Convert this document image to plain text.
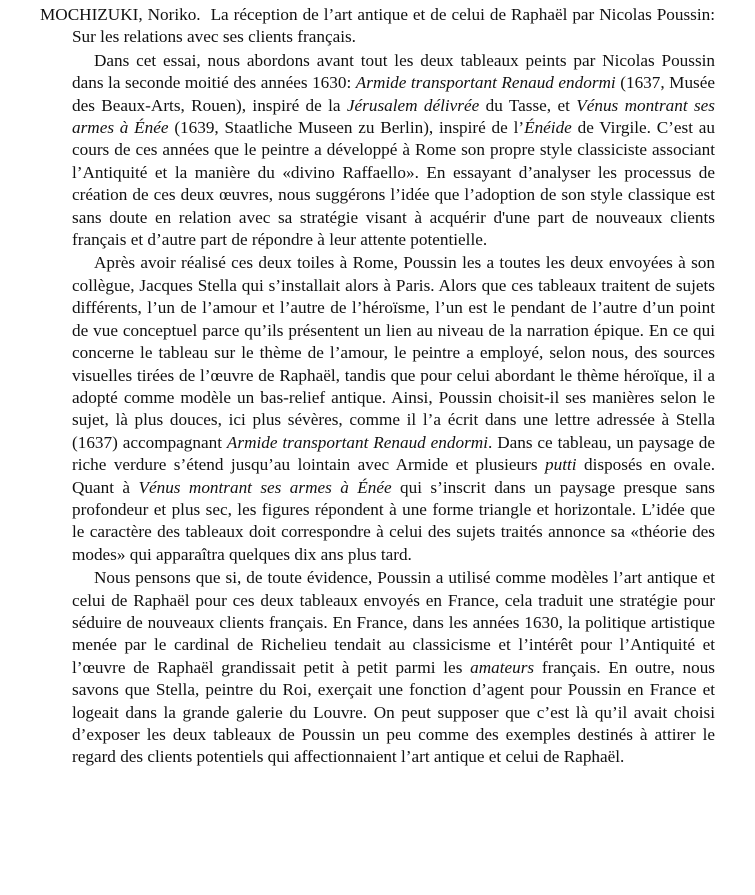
MOCHIZUKI, Noriko. La réception de l’art antique et de celui de Raphaël par Nicolas Poussin: Sur les relations avec ses clients français.

Dans cet essai, nous abordons avant tout les deux tableaux peints par Nicolas Poussin dans la seconde moitié des années 1630: Armide transportant Renaud endormi (1637, Musée des Beaux-Arts, Rouen), inspiré de la Jérusalem délivrée du Tasse, et Vénus montrant ses armes à Énée (1639, Staatliche Museen zu Berlin), inspiré de l’Énéide de Virgile. C’est au cours de ces années que le peintre a développé à Rome son propre style classiciste associant l’Antiquité et la manière du «divino Raffaello». En essayant d’analyser les processus de création de ces deux œuvres, nous suggérons l’idée que l’adoption de son style classique est sans doute en relation avec sa stratégie visant à acquérir d'une part de nouveaux clients français et d’autre part de répondre à leur attente potentielle.

Après avoir réalisé ces deux toiles à Rome, Poussin les a toutes les deux envoyées à son collègue, Jacques Stella qui s’installait alors à Paris. Alors que ces tableaux traitent de sujets différents, l’un de l’amour et l’autre de l’héroïsme, l’un est le pendant de l’autre d’un point de vue conceptuel parce qu’ils présentent un lien au niveau de la narration épique. En ce qui concerne le tableau sur le thème de l’amour, le peintre a employé, selon nous, des sources visuelles tirées de l’œuvre de Raphaël, tandis que pour celui abordant le thème héroïque, il a adopté comme modèle un bas-relief antique. Ainsi, Poussin choisit-il ses manières selon le sujet, là plus douces, ici plus sévères, comme il l’a écrit dans une lettre adressée à Stella (1637) accompagnant Armide transportant Renaud endormi. Dans ce tableau, un paysage de riche verdure s’étend jusqu’au lointain avec Armide et plusieurs putti disposés en ovale. Quant à Vénus montrant ses armes à Énée qui s’inscrit dans un paysage presque sans profondeur et plus sec, les figures répondent à une forme triangle et horizontale. L’idée que le caractère des tableaux doit correspondre à celui des sujets traités annonce sa «théorie des modes» qui apparaîtra quelques dix ans plus tard.

Nous pensons que si, de toute évidence, Poussin a utilisé comme modèles l’art antique et celui de Raphaël pour ces deux tableaux envoyés en France, cela traduit une stratégie pour séduire de nouveaux clients français. En France, dans les années 1630, la politique artistique menée par le cardinal de Richelieu tendait au classicisme et l’intérêt pour l’Antiquité et l’œuvre de Raphaël grandissait petit à petit parmi les amateurs français. En outre, nous savons que Stella, peintre du Roi, exerçait une fonction d’agent pour Poussin en France et logeait dans la grande galerie du Louvre. On peut supposer que c’est là qu’il avait choisi d’exposer les deux tableaux de Poussin un peu comme des exemples destinés à attirer le regard des clients potentiels qui affectionnaient l’art antique et celui de Raphaël.
